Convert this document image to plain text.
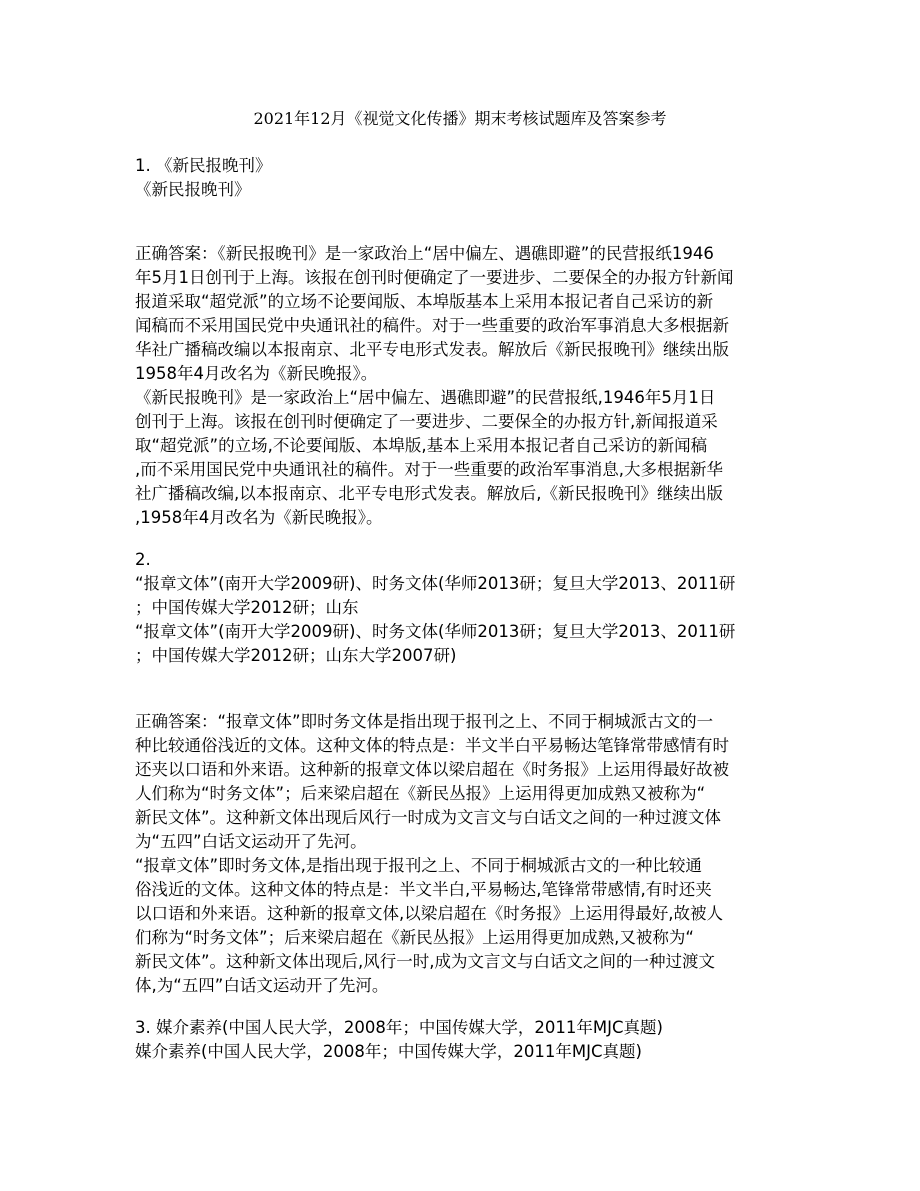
2021年12月《视觉文化传播》期末考核试题库及答案参考
1. 《新民报晚刊》
《新民报晚刊》
正确答案：《新民报晚刊》是一家政治上“居中偏左、遇礁即避”的民营报纸1946
年5月1日创刊于上海。该报在创刊时便确定了一要进步、二要保全的办报方针新闻
报道采取“超党派”的立场不论要闻版、本埠版基本上采用本报记者自己采访的新
闻稿而不采用国民党中央通讯社的稿件。对于一些重要的政治军事消息大多根据新
华社广播稿改编以本报南京、北平专电形式发表。解放后《新民报晚刊》继续出版
1958年4月改名为《新民晚报》。
《新民报晚刊》是一家政治上“居中偏左、遇礁即避”的民营报纸,1946年5月1日
创刊于上海。该报在创刊时便确定了一要进步、二要保全的办报方针,新闻报道采
取“超党派”的立场,不论要闻版、本埠版,基本上采用本报记者自己采访的新闻稿
,而不采用国民党中央通讯社的稿件。对于一些重要的政治军事消息,大多根据新华
社广播稿改编,以本报南京、北平专电形式发表。解放后,《新民报晚刊》继续出版
,1958年4月改名为《新民晚报》。
2.
“报章文体”(南开大学2009研)、时务文体(华师2013研；复旦大学2013、2011研
；中国传媒大学2012研；山东
“报章文体”(南开大学2009研)、时务文体(华师2013研；复旦大学2013、2011研
；中国传媒大学2012研；山东大学2007研)
正确答案：“报章文体”即时务文体是指出现于报刊之上、不同于桐城派古文的一
种比较通俗浅近的文体。这种文体的特点是：半文半白平易畅达笔锋常带感情有时
还夹以口语和外来语。这种新的报章文体以梁启超在《时务报》上运用得最好故被
人们称为“时务文体”；后来梁启超在《新民丛报》上运用得更加成熟又被称为“
新民文体”。这种新文体出现后风行一时成为文言文与白话文之间的一种过渡文体
为“五四”白话文运动开了先河。
“报章文体”即时务文体,是指出现于报刊之上、不同于桐城派古文的一种比较通
俗浅近的文体。这种文体的特点是：半文半白,平易畅达,笔锋常带感情,有时还夹
以口语和外来语。这种新的报章文体,以梁启超在《时务报》上运用得最好,故被人
们称为“时务文体”；后来梁启超在《新民丛报》上运用得更加成熟,又被称为“
新民文体”。这种新文体出现后,风行一时,成为文言文与白话文之间的一种过渡文
体,为“五四”白话文运动开了先河。
3. 媒介素养(中国人民大学，2008年；中国传媒大学，2011年MJC真题)
媒介素养(中国人民大学，2008年；中国传媒大学，2011年MJC真题)
